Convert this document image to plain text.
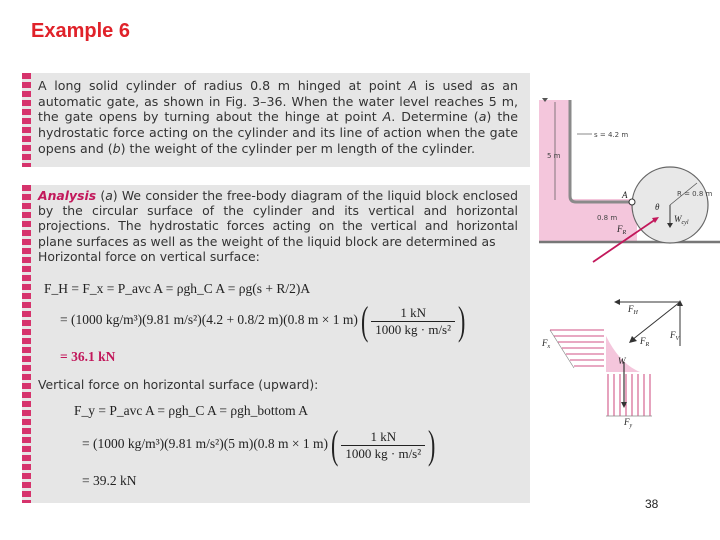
Example 6
A long solid cylinder of radius 0.8 m hinged at point A is used as an automatic gate, as shown in Fig. 3–36. When the water level reaches 5 m, the gate opens by turning about the hinge at point A. Determine (a) the hydrostatic force acting on the cylinder and its line of action when the gate opens and (b) the weight of the cylinder per m length of the cylinder.
Analysis (a) We consider the free-body diagram of the liquid block enclosed by the circular surface of the cylinder and its vertical and horizontal projections. The hydrostatic forces acting on the vertical and horizontal plane surfaces as well as the weight of the liquid block are determined as
Horizontal force on vertical surface:
F_H = F_x = P_avc A = ρgh_C A = ρg(s + R/2)A
= (1000 kg/m³)(9.81 m/s²)(4.2 + 0.8/2 m)(0.8 m × 1 $m)( \frac{1 kN}{\text{1000 kg · m/s²}}$ )
= 36.1 kN
Vertical force on horizontal surface (upward):
F_y = P_avc A = ρgh_C A = ρgh_bottom A
= (1000 kg/m³)(9.81 m/s²)(5 m)(0.8 m × 1 $m)( \frac{1 kN}{\text{1000 kg · m/s²}}$ )
= 39.2 kN
5 m
s = 4.2 m
R = 0.8 m
A
θ
$W_{cyl}$
$F_R$
0.8 m
$F_x$
$F_y$
W
$F_H$
$F_R$
$F_V$
38
